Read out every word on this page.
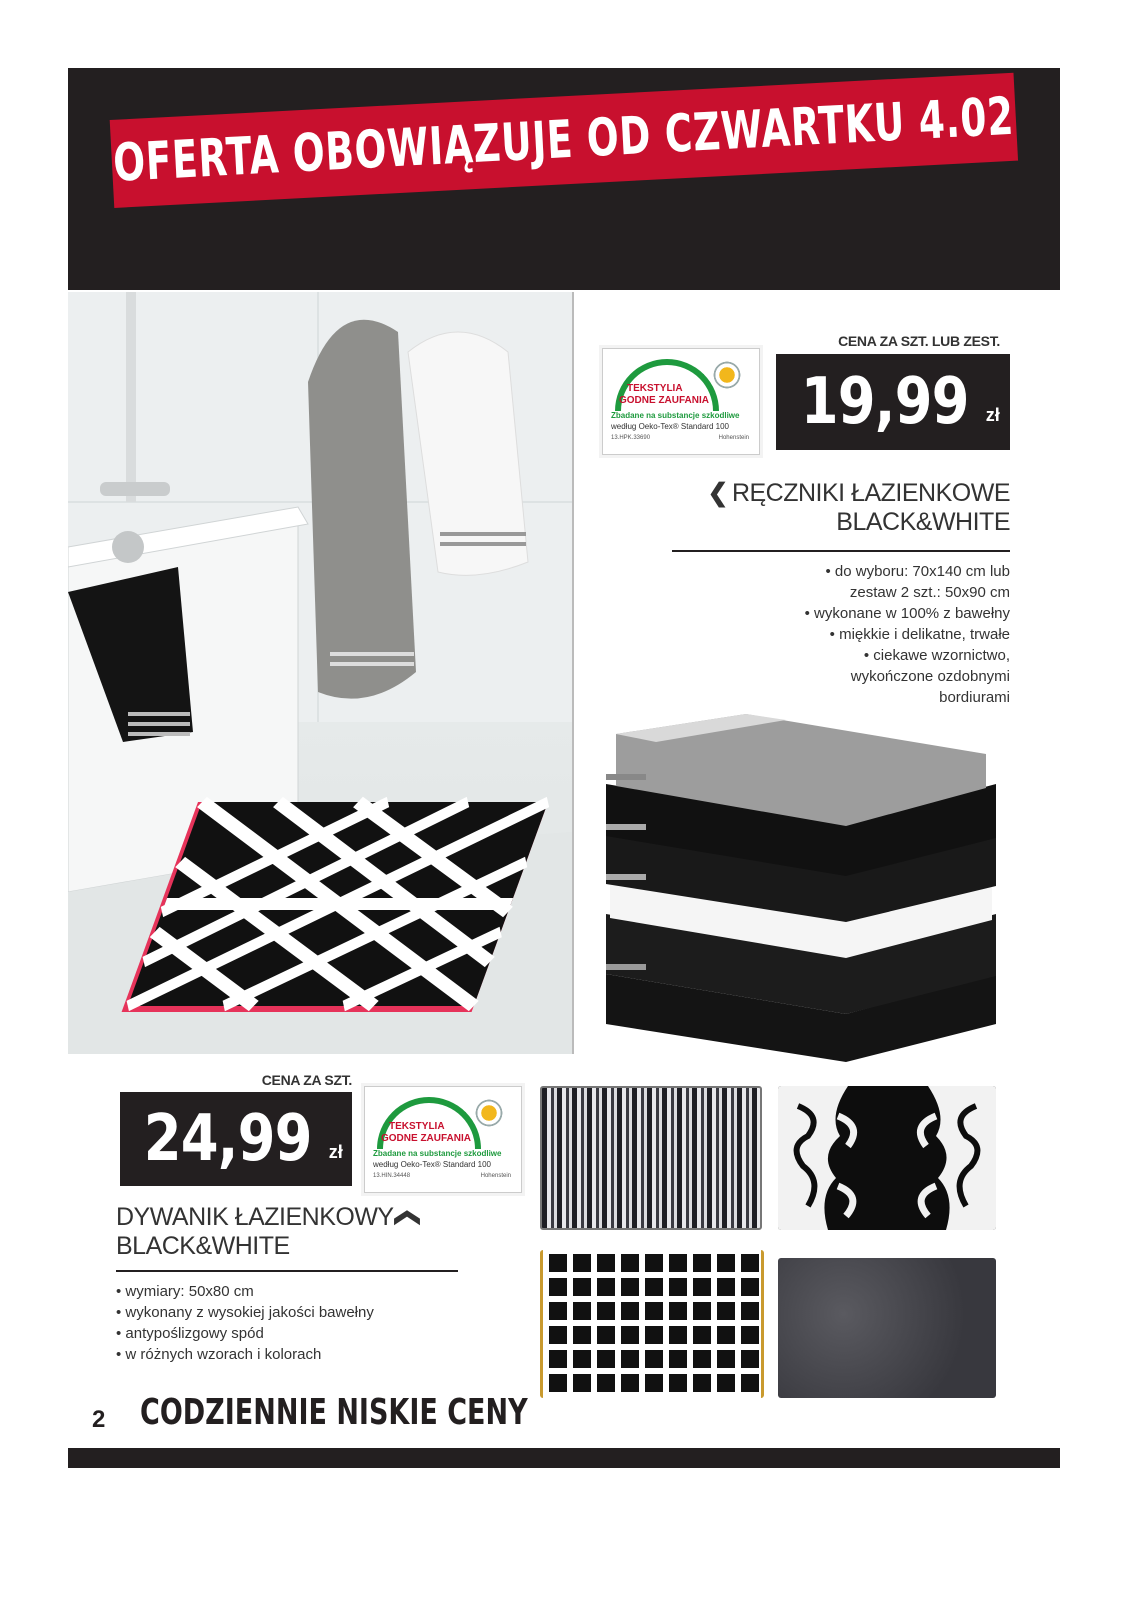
OFERTA OBOWIĄZUJE OD CZWARTKU 4.02
CENA ZA SZT. LUB ZEST.
TEKSTYLIA
GODNE ZAUFANIA
Zbadane na substancje szkodliwe
według Oeko-Tex® Standard 100
13.HPK.33690	Hohenstein 19,99 zł
❮ RĘCZNIKI ŁAZIENKOWE
BLACK&WHITE
• do wyboru: 70x140 cm lub
zestaw 2 szt.: 50x90 cm
• wykonane w 100% z bawełny
• miękkie i delikatne, trwałe
• ciekawe wzornictwo,
wykończone ozdobnymi
bordiurami
CENA ZA SZT.
24,99 zł
TEKSTYLIA
GODNE ZAUFANIA
Zbadane na substancje szkodliwe
według Oeko-Tex® Standard 100
13.HIN.34448	Hohenstein
DYWANIK ŁAZIENKOWY❮
BLACK&WHITE
• wymiary: 50x80 cm
• wykonany z wysokiej jakości bawełny
• antypoślizgowy spód
• w różnych wzorach i kolorach
2 CODZIENNIE NISKIE CENY
